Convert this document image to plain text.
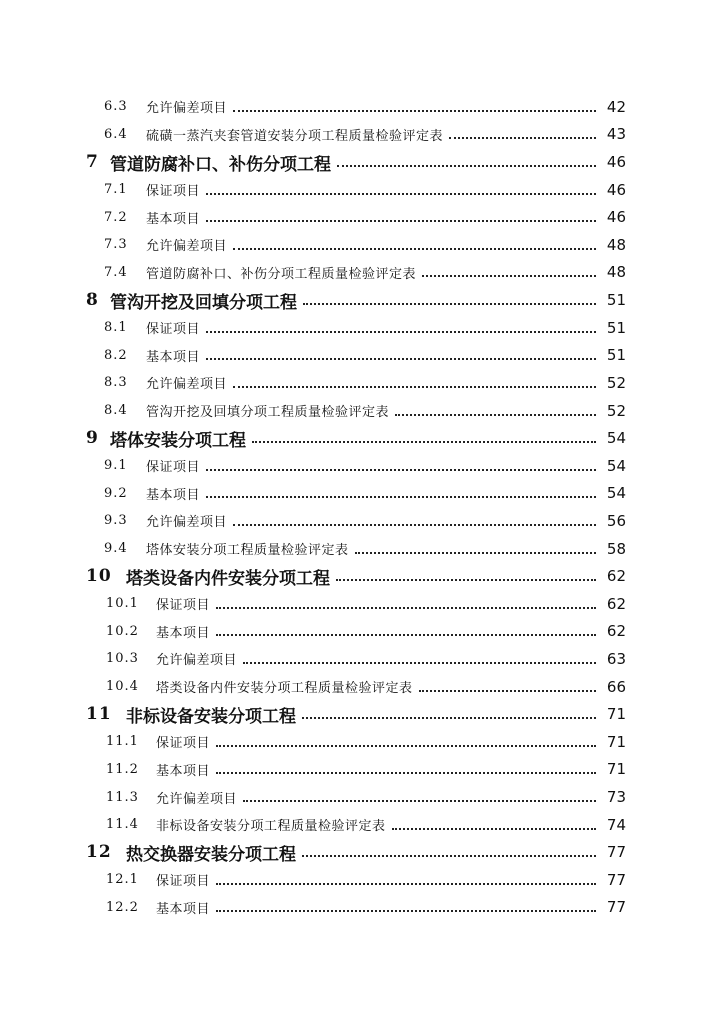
6.3	允许偏差项目	42
6.4	硫磺一蒸汽夹套管道安装分项工程质量检验评定表	43
7 管道防腐补口、补伤分项工程	46
7.1	保证项目	46
7.2	基本项目	46
7.3	允许偏差项目	48
7.4	管道防腐补口、补伤分项工程质量检验评定表	48
8 管沟开挖及回填分项工程	51
8.1	保证项目	51
8.2	基本项目	51
8.3	允许偏差项目	52
8.4	管沟开挖及回填分项工程质量检验评定表	52
9 塔体安装分项工程	54
9.1	保证项目	54
9.2	基本项目	54
9.3	允许偏差项目	56
9.4	塔体安装分项工程质量检验评定表	58
10 塔类设备内件安装分项工程	62
10.1	保证项目	62
10.2	基本项目	62
10.3	允许偏差项目	63
10.4	塔类设备内件安装分项工程质量检验评定表	66
11 非标设备安装分项工程	71
11.1	保证项目	71
11.2	基本项目	71
11.3	允许偏差项目	73
11.4	非标设备安装分项工程质量检验评定表	74
12 热交换器安装分项工程	77
12.1	保证项目	77
12.2	基本项目	77
